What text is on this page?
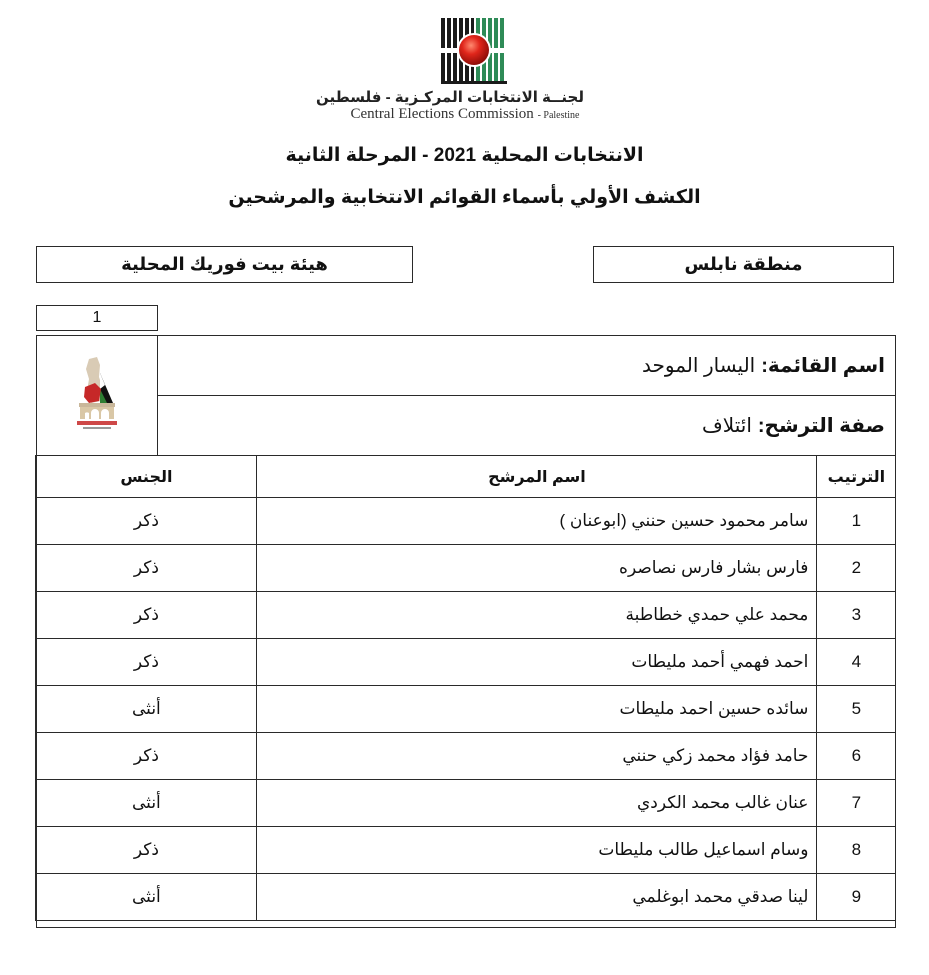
لجنــة الانتخابات المركـزية - فلسطين
Central Elections Commission - Palestine
الانتخابات المحلية 2021 - المرحلة الثانية
الكشف الأولي بأسماء القوائم الانتخابية والمرشحين
هيئة بيت فوريك المحلية	منطقة نابلس
1
اسم القائمة:
اليسار الموحد
صفة الترشح:
ائتلاف
الترتيب	اسم المرشح	الجنس
1	سامر محمود حسين حنني (ابوعنان )	ذكر
2	فارس بشار فارس نصاصره	ذكر
3	محمد علي حمدي خطاطبة	ذكر
4	احمد فهمي أحمد مليطات	ذكر
5	سائده حسين احمد مليطات	أنثى
6	حامد فؤاد محمد زكي حنني	ذكر
7	عنان غالب محمد الكردي	أنثى
8	وسام اسماعيل طالب مليطات	ذكر
9	لينا صدقي محمد ابوغلمي	أنثى
